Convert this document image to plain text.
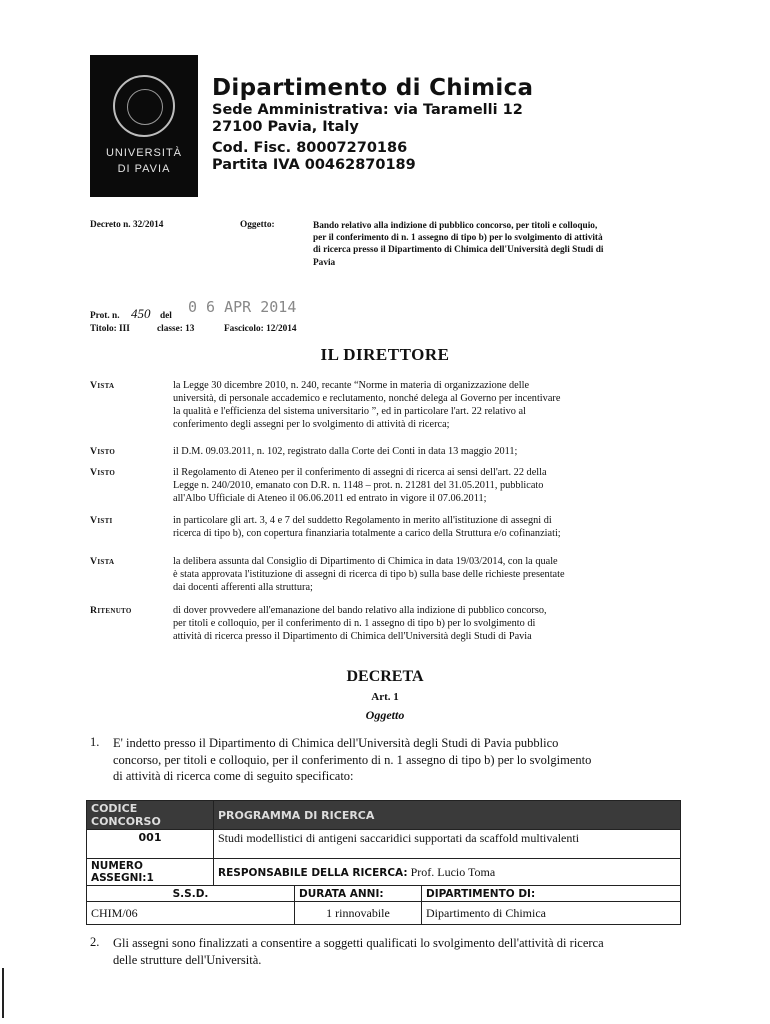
UNIVERSITÀ
DI PAVIA
Dipartimento di Chimica
Sede Amministrativa: via Taramelli 12
27100 Pavia, Italy
Cod. Fisc. 80007270186
Partita IVA 00462870189
Decreto n. 32/2014	Oggetto:	Bando relativo alla indizione di pubblico concorso, per titoli e colloquio,
per il conferimento di n. 1 assegno di tipo b) per lo svolgimento di attività
di ricerca presso il Dipartimento di Chimica dell'Università degli Studi di
Pavia
Prot. n. 450 del 0 6 APR 2014
Titolo: III	classe: 13	Fascicolo: 12/2014
IL DIRETTORE
Vista	la Legge 30 dicembre 2010, n. 240, recante “Norme in materia di organizzazione delle
università, di personale accademico e reclutamento, nonché delega al Governo per incentivare
la qualità e l'efficienza del sistema universitario ”, ed in particolare l'art. 22 relativo al
conferimento degli assegni per lo svolgimento di attività di ricerca;
Visto	il D.M. 09.03.2011, n. 102, registrato dalla Corte dei Conti in data 13 maggio 2011;
Visto	il Regolamento di Ateneo per il conferimento di assegni di ricerca ai sensi dell'art. 22 della
Legge n. 240/2010, emanato con D.R. n. 1148 – prot. n. 21281 del 31.05.2011, pubblicato
all'Albo Ufficiale di Ateneo il 06.06.2011 ed entrato in vigore il 07.06.2011;
Visti	in particolare gli art. 3, 4 e 7 del suddetto Regolamento in merito all'istituzione di assegni di
ricerca di tipo b), con copertura finanziaria totalmente a carico della Struttura e/o cofinanziati;
Vista	la delibera assunta dal Consiglio di Dipartimento di Chimica in data 19/03/2014, con la quale
è stata approvata l'istituzione di assegni di ricerca di tipo b) sulla base delle richieste presentate
dai docenti afferenti alla struttura;
Ritenuto	di dover provvedere all'emanazione del bando relativo alla indizione di pubblico concorso,
per titoli e colloquio, per il conferimento di n. 1 assegno di tipo b) per lo svolgimento di
attività di ricerca presso il Dipartimento di Chimica dell'Università degli Studi di Pavia
DECRETA
Art. 1
Oggetto
1. E' indetto presso il Dipartimento di Chimica dell'Università degli Studi di Pavia pubblico
concorso, per titoli e colloquio, per il conferimento di n. 1 assegno di tipo b) per lo svolgimento
di attività di ricerca come di seguito specificato:
CODICE CONCORSO	PROGRAMMA DI RICERCA		
001	Studi modellistici di antigeni saccaridici supportati da scaffold multivalenti		
NUMERO ASSEGNI:1	RESPONSABILE DELLA RICERCA: Prof. Lucio Toma		
S.S.D.		DURATA ANNI:	DIPARTIMENTO DI:
CHIM/06		1 rinnovabile	Dipartimento di Chimica
2. Gli assegni sono finalizzati a consentire a soggetti qualificati lo svolgimento dell'attività di ricerca
delle strutture dell'Università.
